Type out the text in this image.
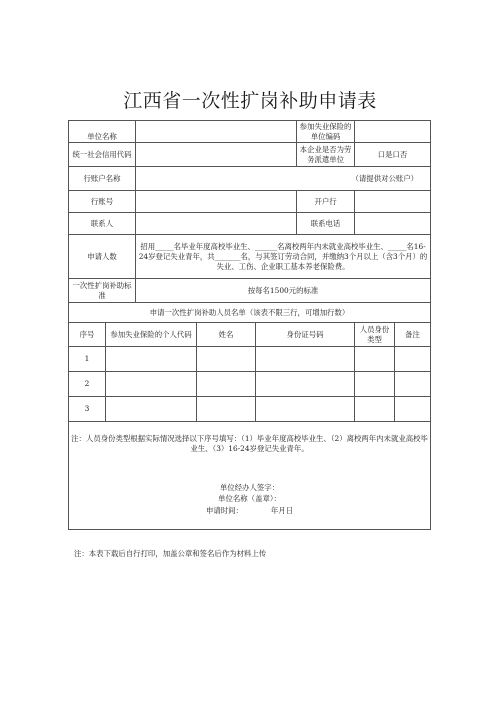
江西省一次性扩岗补助申请表
单位名称					参加失业保险的单位编码		
统一社会信用代码					本企业是否为劳务派遣单位	口是口否	
行账户名称		（请提供对公账户）					
行账号					开户行		
联系人					联系电话		
申请人数		招用_____名毕业年度高校毕业生、______名离校两年内未就业高校毕业生、_____名16-24岁登记失业青年，共_______名，与其签订劳动合同，并缴纳3个月以上（含3个月）的失业、工伤、企业职工基本养老保险费。					
一次性扩岗补助标准		按每名1500元的标准					
申请一次性扩岗补助人员名单（该表不限三行，可增加行数）							
序号	参加失业保险的个人代码		姓名	身份证号码		人员身份类型	备注
1							
2							
3							

注：人员身份类型根据实际情况选择以下序号填写：（1）毕业年度高校毕业生、（2）离校两年内未就业高校毕业生、（3）16-24岁登记失业青年。
单位经办人签字：
单位名称（盖章）：
申请时间： 年月日							
注：本表下载后自行打印，加盖公章和签名后作为材料上传
